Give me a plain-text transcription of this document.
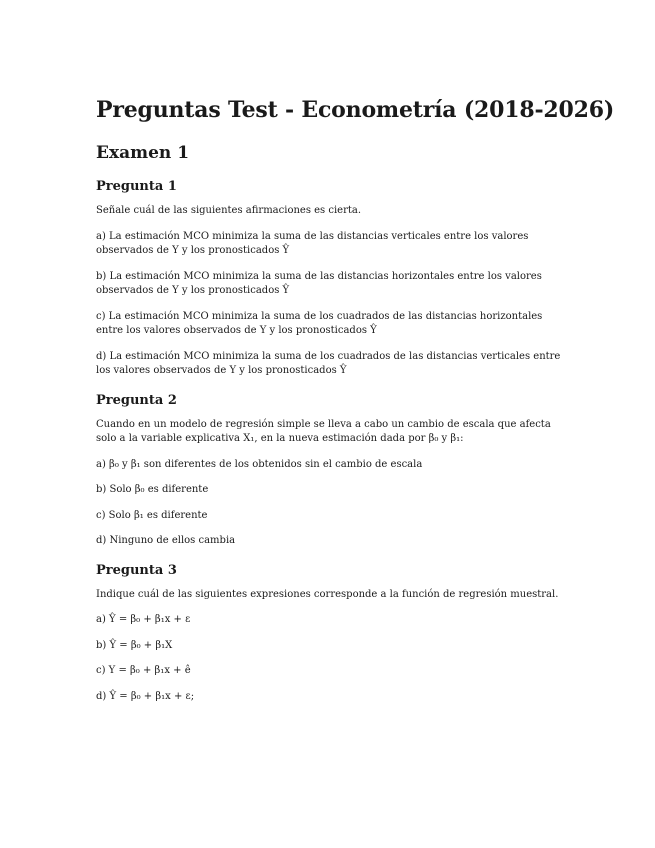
Preguntas Test - Econometría (2018-2026)
Examen 1
Pregunta 1

Señale cuál de las siguientes afirmaciones es cierta.

a) La estimación MCO minimiza la suma de las distancias verticales entre los valores observados de Y y los pronosticados Ŷ

b) La estimación MCO minimiza la suma de las distancias horizontales entre los valores observados de Y y los pronosticados Ŷ

c) La estimación MCO minimiza la suma de los cuadrados de las distancias horizontales entre los valores observados de Y y los pronosticados Ŷ

d) La estimación MCO minimiza la suma de los cuadrados de las distancias verticales entre los valores observados de Y y los pronosticados Ŷ

Pregunta 2

Cuando en un modelo de regresión simple se lleva a cabo un cambio de escala que afecta solo a la variable explicativa X₁, en la nueva estimación dada por β₀ y β₁:

a) β₀ y β₁ son diferentes de los obtenidos sin el cambio de escala

b) Solo β₀ es diferente

c) Solo β₁ es diferente

d) Ninguno de ellos cambia

Pregunta 3

Indique cuál de las siguientes expresiones corresponde a la función de regresión muestral.

a) Ŷ = β₀ + β₁x + ε

b) Ŷ = β₀ + β₁X

c) Y = β₀ + β₁x + ê

d) Ŷ = β₀ + β₁x + ε;
